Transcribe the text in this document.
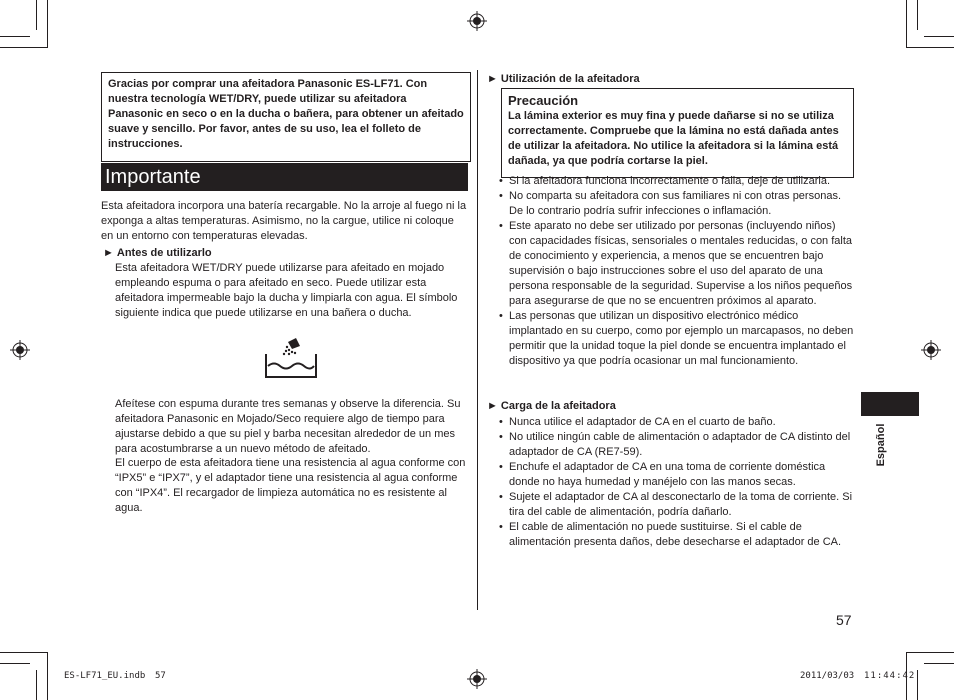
Gracias por comprar una afeitadora Panasonic ES-LF71. Con nuestra tecnología WET/DRY, puede utilizar su afeitadora Panasonic en seco o en la ducha o bañera, para obtener un afeitado suave y sencillo. Por favor, antes de su uso, lea el folleto de instrucciones.
Importante
Esta afeitadora incorpora una batería recargable. No la arroje al fuego ni la exponga a altas temperaturas. Asimismo, no la cargue, utilice ni coloque en un entorno con temperaturas elevadas.
► Antes de utilizarlo
Esta afeitadora WET/DRY puede utilizarse para afeitado en mojado empleando espuma o para afeitado en seco. Puede utilizar esta afeitadora impermeable bajo la ducha y limpiarla con agua. El símbolo siguiente indica que puede utilizarse en una bañera o ducha.
Afeítese con espuma durante tres semanas y observe la diferencia. Su afeitadora Panasonic en Mojado/Seco requiere algo de tiempo para ajustarse debido a que su piel y barba necesitan alrededor de un mes para acostumbrarse a un nuevo método de afeitado.
El cuerpo de esta afeitadora tiene una resistencia al agua conforme con “IPX5” e “IPX7”, y el adaptador tiene una resistencia al agua conforme con “IPX4”. El recargador de limpieza automática no es resistente al agua.
► Utilización de la afeitadora
Precaución
La lámina exterior es muy fina y puede dañarse si no se utiliza correctamente. Compruebe que la lámina no está dañada antes de utilizar la afeitadora. No utilice la afeitadora si la lámina está dañada, ya que podría cortarse la piel.
• Si la afeitadora funciona incorrectamente o falla, deje de utilizarla.
• No comparta su afeitadora con sus familiares ni con otras personas. De lo contrario podría sufrir infecciones o inflamación.
• Este aparato no debe ser utilizado por personas (incluyendo niños) con capacidades físicas, sensoriales o mentales reducidas, o con falta de conocimiento y experiencia, a menos que se encuentren bajo supervisión o bajo instrucciones sobre el uso del aparato de una persona responsable de la seguridad. Supervise a los niños pequeños para asegurarse de que no se encuentren próximos al aparato.
• Las personas que utilizan un dispositivo electrónico médico implantado en su cuerpo, como por ejemplo un marcapasos, no deben permitir que la unidad toque la piel donde se encuentra implantado el dispositivo ya que podría ocasionar un mal funcionamiento.
► Carga de la afeitadora
• Nunca utilice el adaptador de CA en el cuarto de baño.
• No utilice ningún cable de alimentación o adaptador de CA distinto del adaptador de CA (RE7-59).
• Enchufe el adaptador de CA en una toma de corriente doméstica donde no haya humedad y manéjelo con las manos secas.
• Sujete el adaptador de CA al desconectarlo de la toma de corriente. Si tira del cable de alimentación, podría dañarlo.
• El cable de alimentación no puede sustituirse. Si el cable de alimentación presenta daños, debe desecharse el adaptador de CA.
Español
57
ES-LF71_EU.indb 57	2011/03/03 11:44:42
